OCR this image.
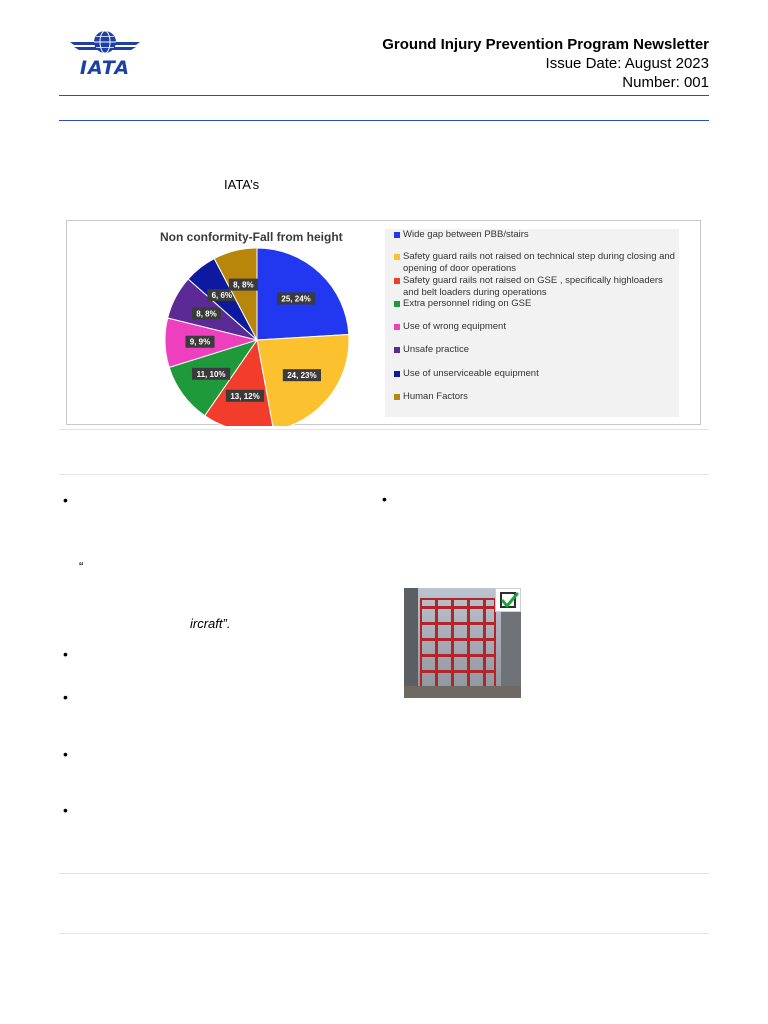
IATA
Ground Injury Prevention Program Newsletter
Issue Date: August 2023
Number: 001
IATA’s
Non conformity-Fall from height
25, 24%
24, 23%
13, 12%
11, 10%
9, 9%
8, 8%
6, 6%
8, 8%
Wide gap between PBB/stairs
Safety guard rails not raised on technical step during closing and opening of door operations
Safety guard rails not raised on GSE , specifically highloaders and belt loaders during operations
Extra personnel riding on GSE
Use of wrong equipment
Unsafe practice
Use of unserviceable equipment
Human Factors
•
“
ircraft”.
•
•
•
•
•
